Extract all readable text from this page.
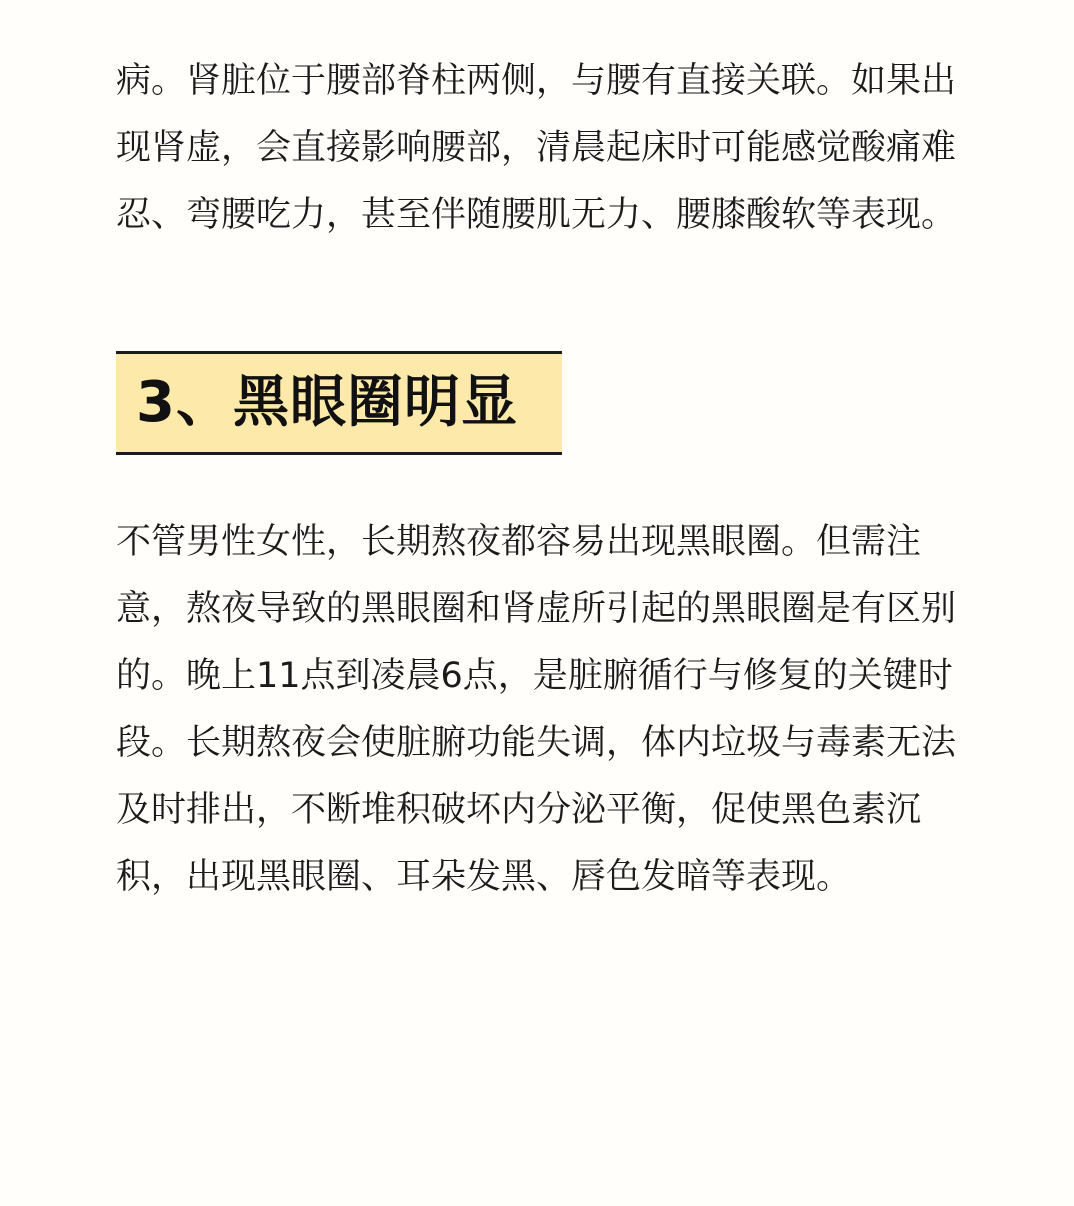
病。肾脏位于腰部脊柱两侧，与腰有直接关联。如果出
现肾虚，会直接影响腰部，清晨起床时可能感觉酸痛难
忍、弯腰吃力，甚至伴随腰肌无力、腰膝酸软等表现。

3、黑眼圈明显

不管男性女性，长期熬夜都容易出现黑眼圈。但需注
意，熬夜导致的黑眼圈和肾虚所引起的黑眼圈是有区别
的。晚上11点到凌晨6点，是脏腑循行与修复的关键时
段。长期熬夜会使脏腑功能失调，体内垃圾与毒素无法
及时排出，不断堆积破坏内分泌平衡，促使黑色素沉
积，出现黑眼圈、耳朵发黑、唇色发暗等表现。
